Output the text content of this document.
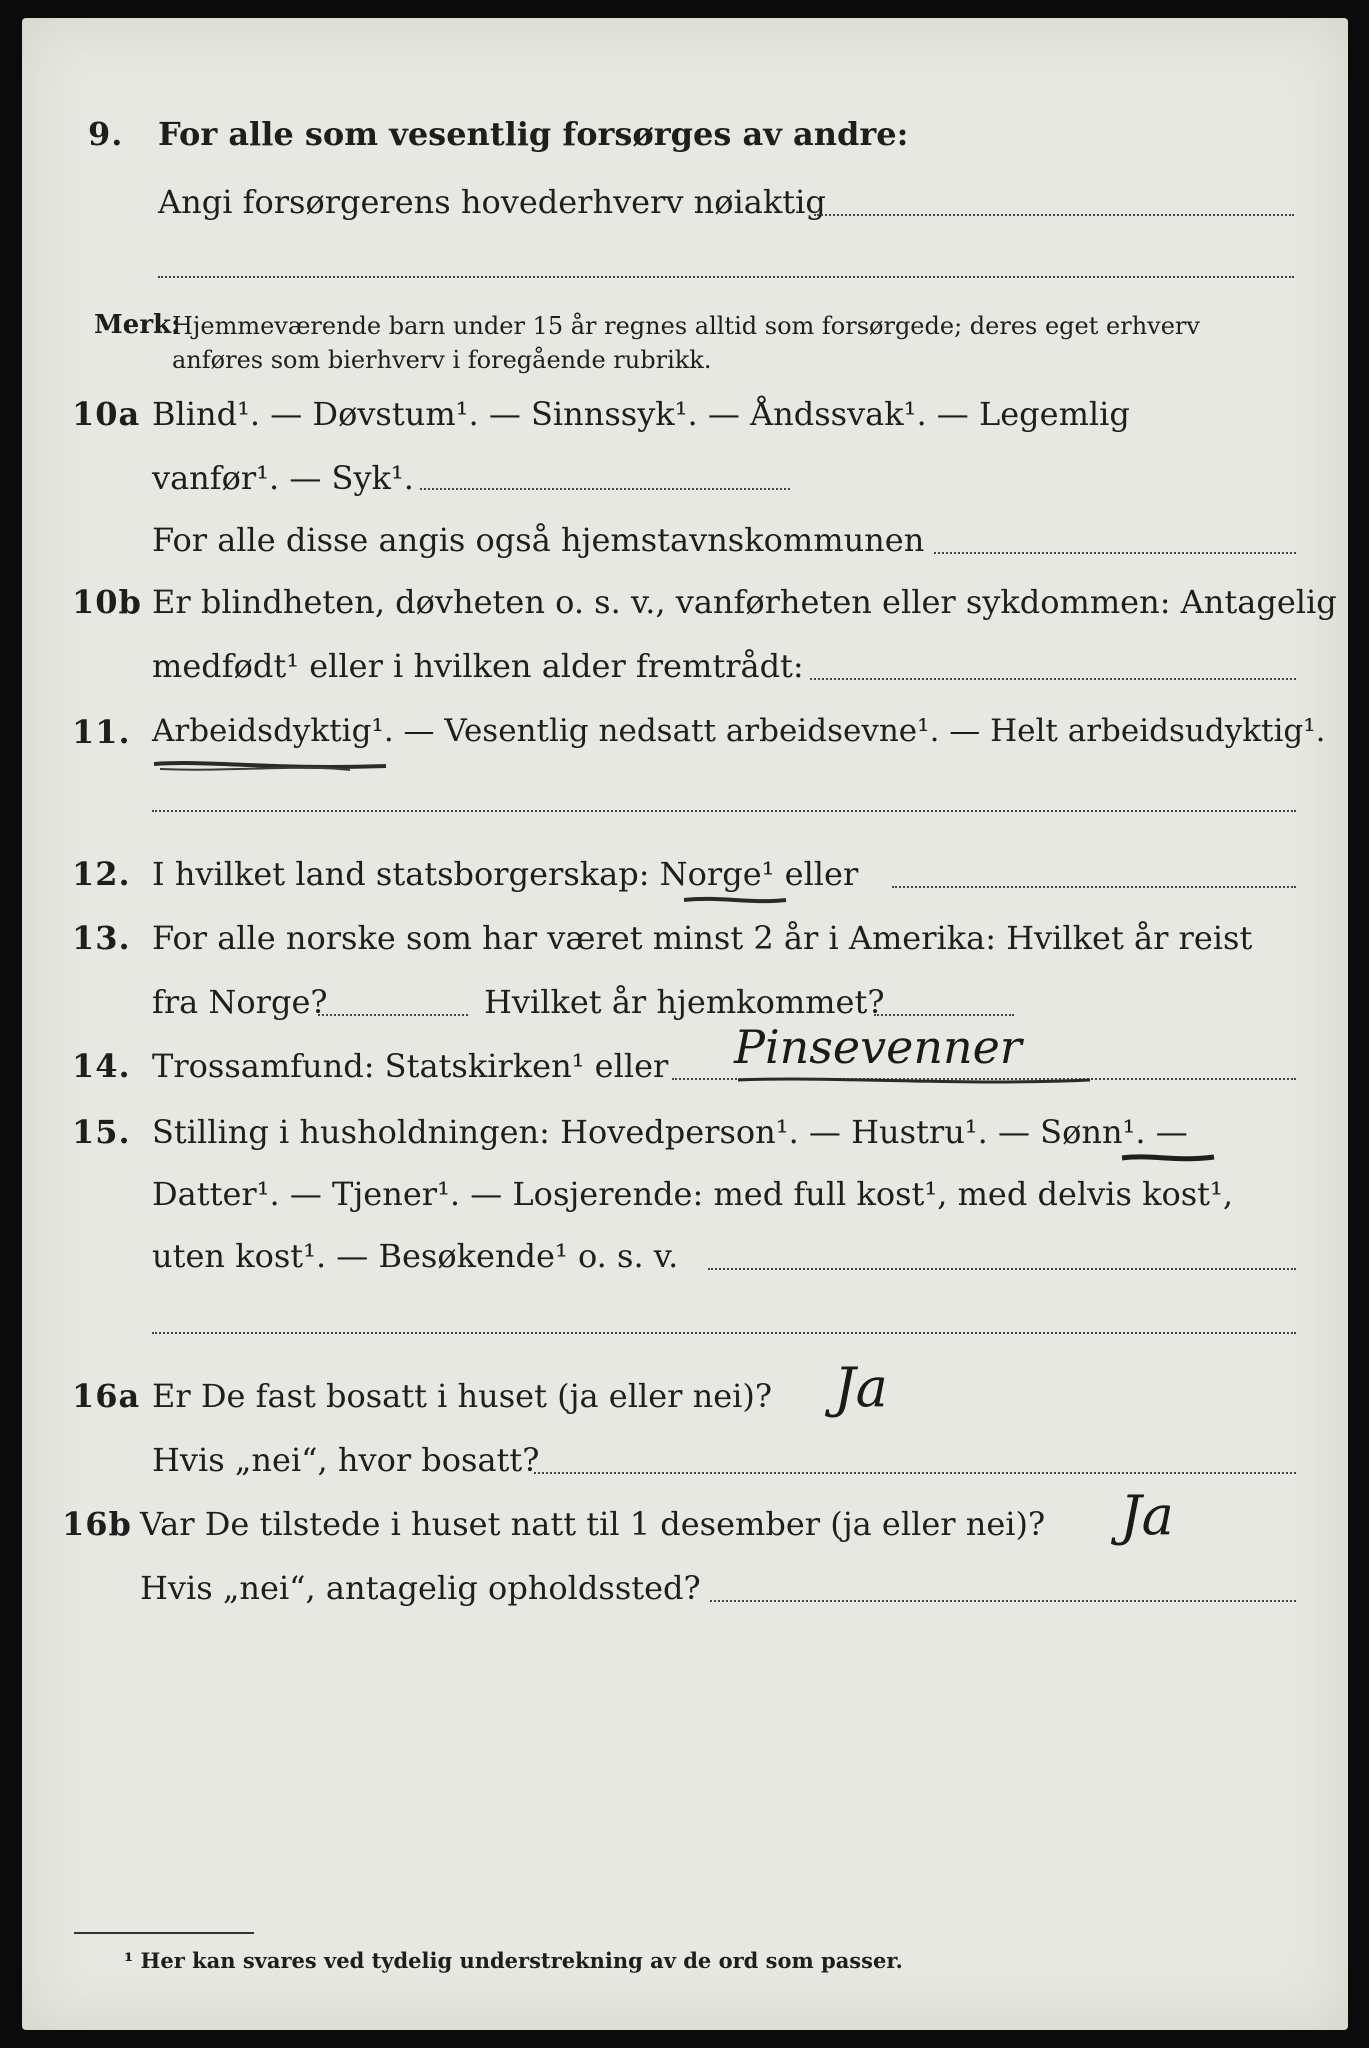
9. For alle som vesentlig forsørges av andre:
Angi forsørgerens hovederhverv nøiaktig
Merk:
Hjemmeværende barn under 15 år regnes alltid som forsørgede; deres eget erhverv
anføres som bierhverv i foregående rubrikk.
10a Blind¹. — Døvstum¹. — Sinnssyk¹. — Åndssvak¹. — Legemlig
vanfør¹. — Syk¹.
For alle disse angis også hjemstavnskommunen
10b Er blindheten, døvheten o. s. v., vanførheten eller sykdommen: Antagelig
medfødt¹ eller i hvilken alder fremtrådt:
11. Arbeidsdyktig¹. — Vesentlig nedsatt arbeidsevne¹. — Helt arbeidsudyktig¹.
12. I hvilket land statsborgerskap: Norge¹ eller
13. For alle norske som har været minst 2 år i Amerika: Hvilket år reist
fra Norge?	Hvilket år hjemkommet?
14. Trossamfund: Statskirken¹ eller Pinsevenner
15. Stilling i husholdningen: Hovedperson¹. — Hustru¹. — Sønn¹. —
Datter¹. — Tjener¹. — Losjerende: med full kost¹, med delvis kost¹,
uten kost¹. — Besøkende¹ o. s. v.
16a Er De fast bosatt i huset (ja eller nei)? Ja
Hvis „nei“, hvor bosatt?
16b Var De tilstede i huset natt til 1 desember (ja eller nei)? Ja
Hvis „nei“, antagelig opholdssted?
¹ Her kan svares ved tydelig understrekning av de ord som passer.
